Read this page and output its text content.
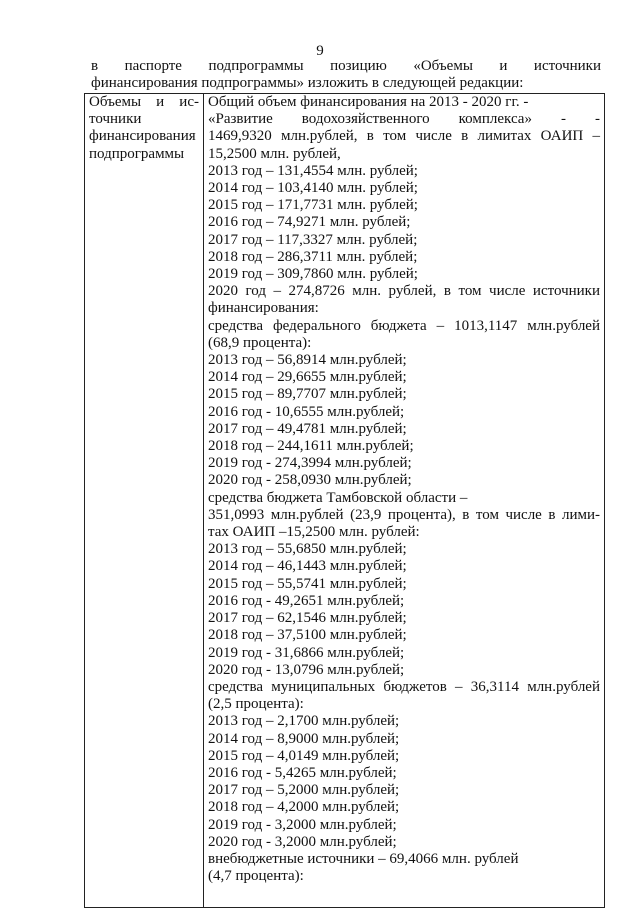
9
в паспорте подпрограммы позицию «Объемы и источники
финансирования подпрограммы» изложить в следующей редакции:
Объемы и ис-
точники
финансирования
подпрограммы

Общий объем финансирования на 2013 - 2020 гг. -
«Развитие водохозяйственного комплекса» - -
1469,9320 млн.рублей, в том числе в лимитах ОАИП –
15,2500 млн. рублей,
2013 год – 131,4554 млн. рублей;
2014 год – 103,4140 млн. рублей;
2015 год – 171,7731 млн. рублей;
2016 год – 74,9271 млн. рублей;
2017 год – 117,3327 млн. рублей;
2018 год – 286,3711 млн. рублей;
2019 год – 309,7860 млн. рублей;
2020 год – 274,8726 млн. рублей, в том числе источники
финансирования:
средства федерального бюджета – 1013,1147 млн.рублей
(68,9 процента):
2013 год – 56,8914 млн.рублей;
2014 год – 29,6655 млн.рублей;
2015 год – 89,7707 млн.рублей;
2016 год - 10,6555 млн.рублей;
2017 год – 49,4781 млн.рублей;
2018 год – 244,1611 млн.рублей;
2019 год - 274,3994 млн.рублей;
2020 год - 258,0930 млн.рублей;
средства бюджета Тамбовской области –
351,0993 млн.рублей (23,9 процента), в том числе в лими-
тах ОАИП –15,2500 млн. рублей:
2013 год – 55,6850 млн.рублей;
2014 год – 46,1443 млн.рублей;
2015 год – 55,5741 млн.рублей;
2016 год - 49,2651 млн.рублей;
2017 год – 62,1546 млн.рублей;
2018 год – 37,5100 млн.рублей;
2019 год - 31,6866 млн.рублей;
2020 год - 13,0796 млн.рублей;
средства муниципальных бюджетов – 36,3114 млн.рублей
(2,5 процента):
2013 год – 2,1700 млн.рублей;
2014 год – 8,9000 млн.рублей;
2015 год – 4,0149 млн.рублей;
2016 год - 5,4265 млн.рублей;
2017 год – 5,2000 млн.рублей;
2018 год – 4,2000 млн.рублей;
2019 год - 3,2000 млн.рублей;
2020 год - 3,2000 млн.рублей;
внебюджетные источники – 69,4066 млн. рублей
(4,7 процента):
